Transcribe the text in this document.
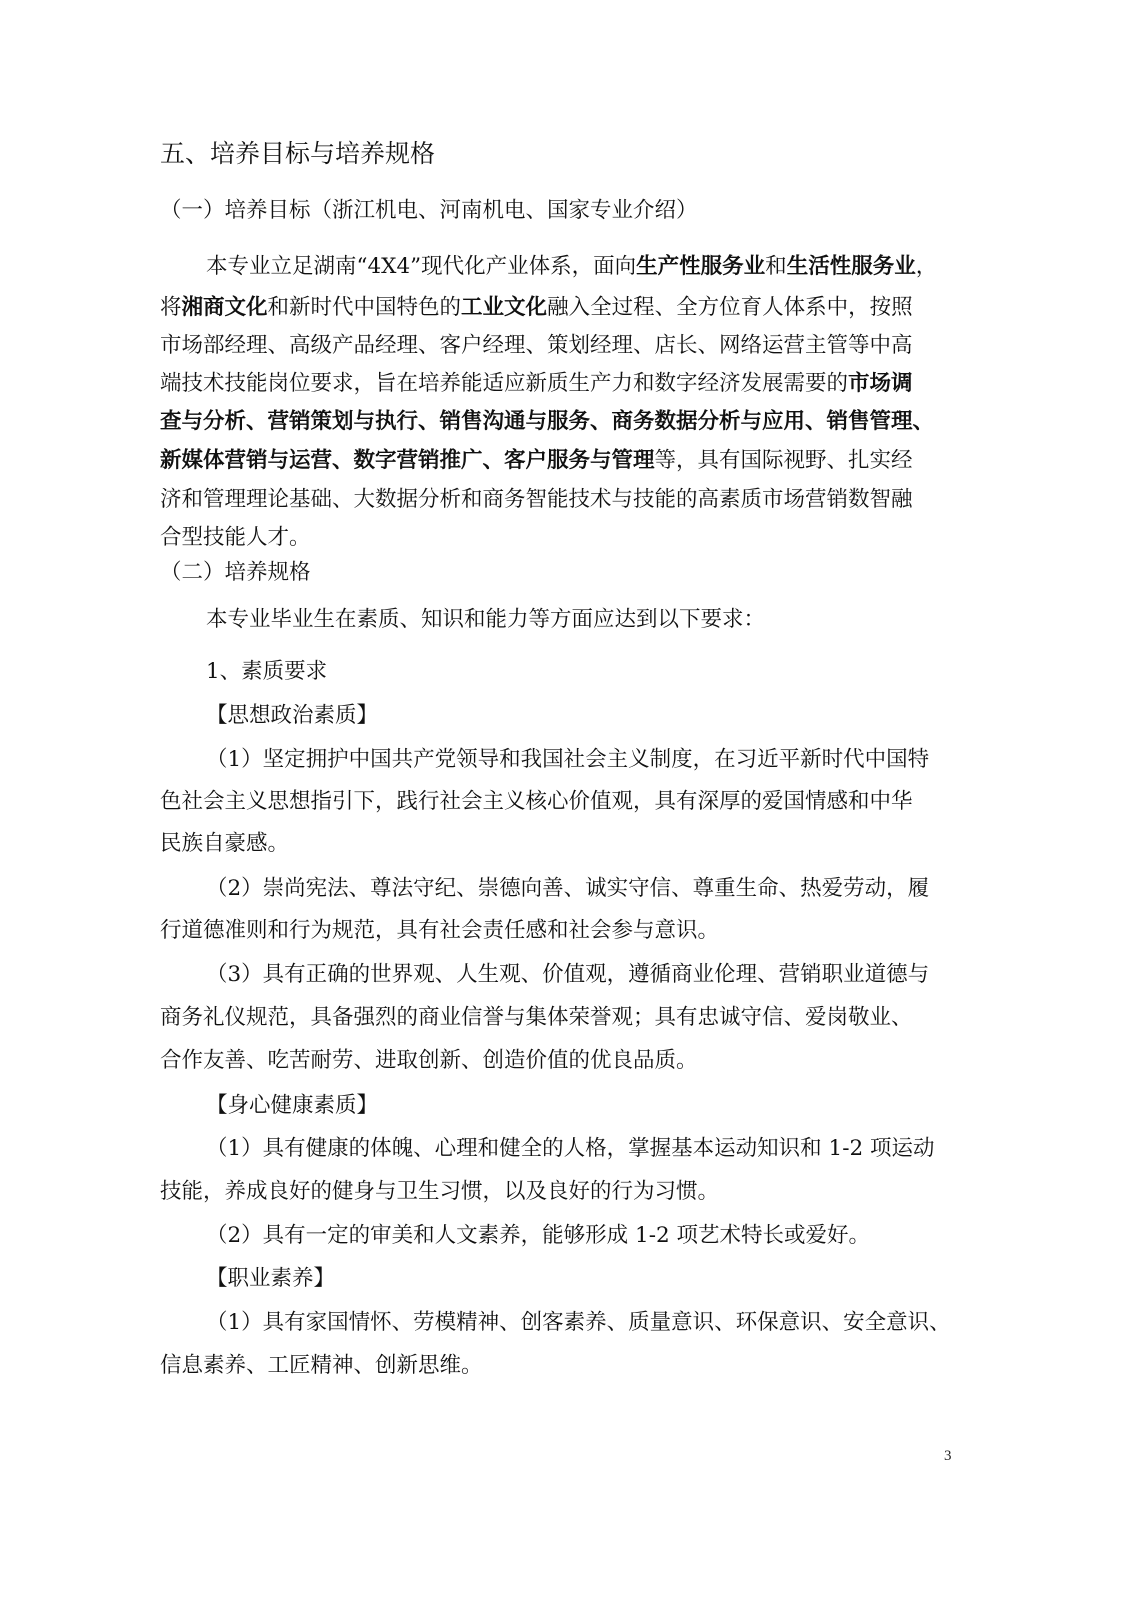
五、培养目标与培养规格
（一）培养目标（浙江机电、河南机电、国家专业介绍）
本专业立足湖南“4X4”现代化产业体系，面向生产性服务业和生活性服务业，
将湘商文化和新时代中国特色的工业文化融入全过程、全方位育人体系中，按照
市场部经理、高级产品经理、客户经理、策划经理、店长、网络运营主管等中高
端技术技能岗位要求，旨在培养能适应新质生产力和数字经济发展需要的市场调
查与分析、营销策划与执行、销售沟通与服务、商务数据分析与应用、销售管理、
新媒体营销与运营、数字营销推广、客户服务与管理等，具有国际视野、扎实经
济和管理理论基础、大数据分析和商务智能技术与技能的高素质市场营销数智融
合型技能人才。
（二）培养规格
本专业毕业生在素质、知识和能力等方面应达到以下要求：
1、素质要求
【思想政治素质】
（1）坚定拥护中国共产党领导和我国社会主义制度，在习近平新时代中国特
色社会主义思想指引下，践行社会主义核心价值观，具有深厚的爱国情感和中华
民族自豪感。
（2）崇尚宪法、尊法守纪、崇德向善、诚实守信、尊重生命、热爱劳动，履
行道德准则和行为规范，具有社会责任感和社会参与意识。
（3）具有正确的世界观、人生观、价值观，遵循商业伦理、营销职业道德与
商务礼仪规范，具备强烈的商业信誉与集体荣誉观；具有忠诚守信、爱岗敬业、
合作友善、吃苦耐劳、进取创新、创造价值的优良品质。
【身心健康素质】
（1）具有健康的体魄、心理和健全的人格，掌握基本运动知识和 1-2 项运动
技能，养成良好的健身与卫生习惯，以及良好的行为习惯。
（2）具有一定的审美和人文素养，能够形成 1-2 项艺术特长或爱好。
【职业素养】
（1）具有家国情怀、劳模精神、创客素养、质量意识、环保意识、安全意识、
信息素养、工匠精神、创新思维。
3
